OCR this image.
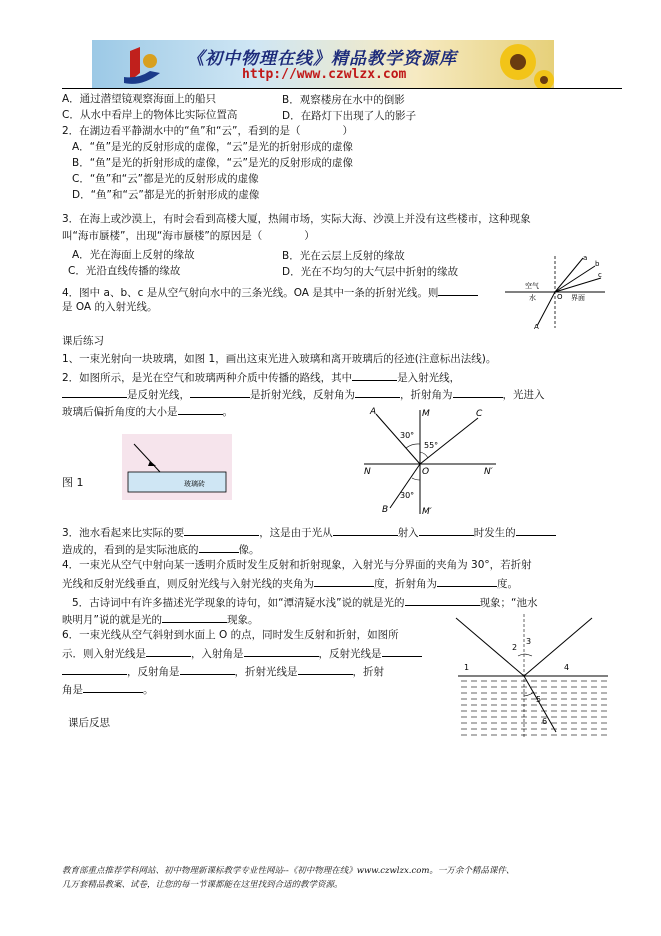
《初中物理在线》精品教学资源库
http://www.czwlzx.com
A．通过潜望镜观察海面上的船只	B．观察楼房在水中的倒影
C．从水中看岸上的物体比实际位置高	D．在路灯下出现了人的影子
2．在湖边看平静湖水中的“鱼”和“云”，看到的是（　　　　）
A．“鱼”是光的反射形成的虚像，“云”是光的折射形成的虚像
B．“鱼”是光的折射形成的虚像，“云”是光的反射形成的虚像
C．“鱼”和“云”都是光的反射形成的虚像
D．“鱼”和“云”都是光的折射形成的虚像
3．在海上或沙漠上，有时会看到高楼大厦，热闹市场，实际大海、沙漠上并没有这些楼市，这种现象
叫“海市蜃楼”，出现“海市蜃楼”的原因是（　　　　）
A．光在海面上反射的缘故	B．光在云层上反射的缘故
C．光沿直线传播的缘故	D．光在不均匀的大气层中折射的缘故
4．图中 a、b、c 是从空气射向水中的三条光线。OA 是其中一条的折射光线。则
是 OA 的入射光线。
a
b
c
空气
水	界面
O
A
课后练习
1、一束光射向一块玻璃，如图 1，画出这束光进入玻璃和离开玻璃后的径迹(注意标出法线)。
2．如图所示，是光在空气和玻璃两种介质中传播的路线，其中	是入射光线，
是反射光线，	是折射光线，反射角为	，折射角为	，光进入
玻璃后偏折角度的大小是	。
图 1	玻璃砖
A	M	C
N	N′
O
B	M′
30°
55°
30°
3．池水看起来比实际的要	，这是由于光从	射入	时发生的
造成的，看到的是实际池底的	像。
4．一束光从空气中射向某一透明介质时发生反射和折射现象，入射光与分界面的夹角为 30°，若折射
光线和反射光线垂直，则反射光线与入射光线的夹角为	度，折射角为	度。
5．古诗词中有许多描述光学现象的诗句，如“潭清疑水浅”说的就是光的	现象；“池水
映明月”说的就是光的	现象。
6．一束光线从空气斜射到水面上 O 的点，同时发生反射和折射，如图所
示．则入射光线是	，入射角是	，反射光线是
，反射角是	，折射光线是	，折射
角是	。
课后反思
1
2
3
4
5
6
教育部重点推荐学科网站、初中物理新课标教学专业性网站--《初中物理在线》www.czwlzx.com。一万余个精品课件、
几万套精品教案、试卷，让您的每一节课都能在这里找到合适的教学资源。
